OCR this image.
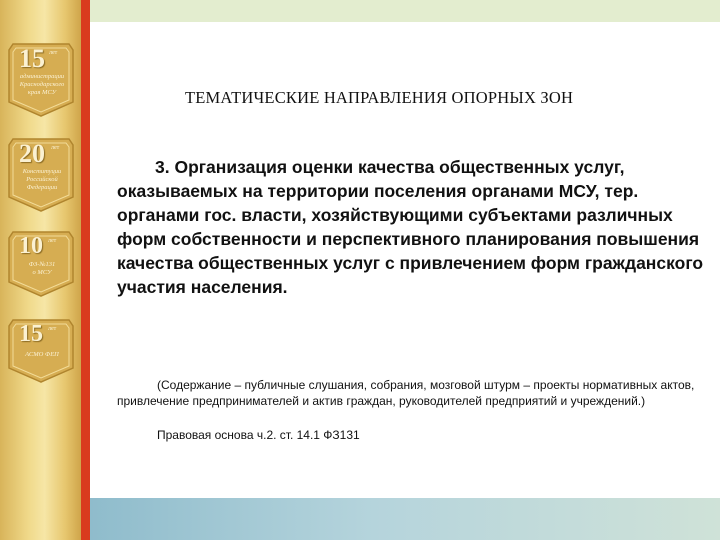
15 лет
администрации
Краснодарского
края МСУ
20 лет
Конституции
Российской
Федерации
10 лет
ФЗ-№131
о МСУ
15 лет
АСМО ФЕП
ТЕМАТИЧЕСКИЕ НАПРАВЛЕНИЯ ОПОРНЫХ ЗОН
3. Организация оценки качества общественных услуг, оказываемых на территории поселения органами МСУ, тер. органами гос. власти, хозяйствующими субъектами различных форм собственности и перспективного планирования повышения качества общественных услуг с привлечением форм гражданского участия населения.
(Содержание – публичные слушания, собрания, мозговой штурм – проекты нормативных актов, привлечение предпринимателей и актив граждан, руководителей предприятий и учреждений.)
Правовая основа ч.2. ст. 14.1 ФЗ131
